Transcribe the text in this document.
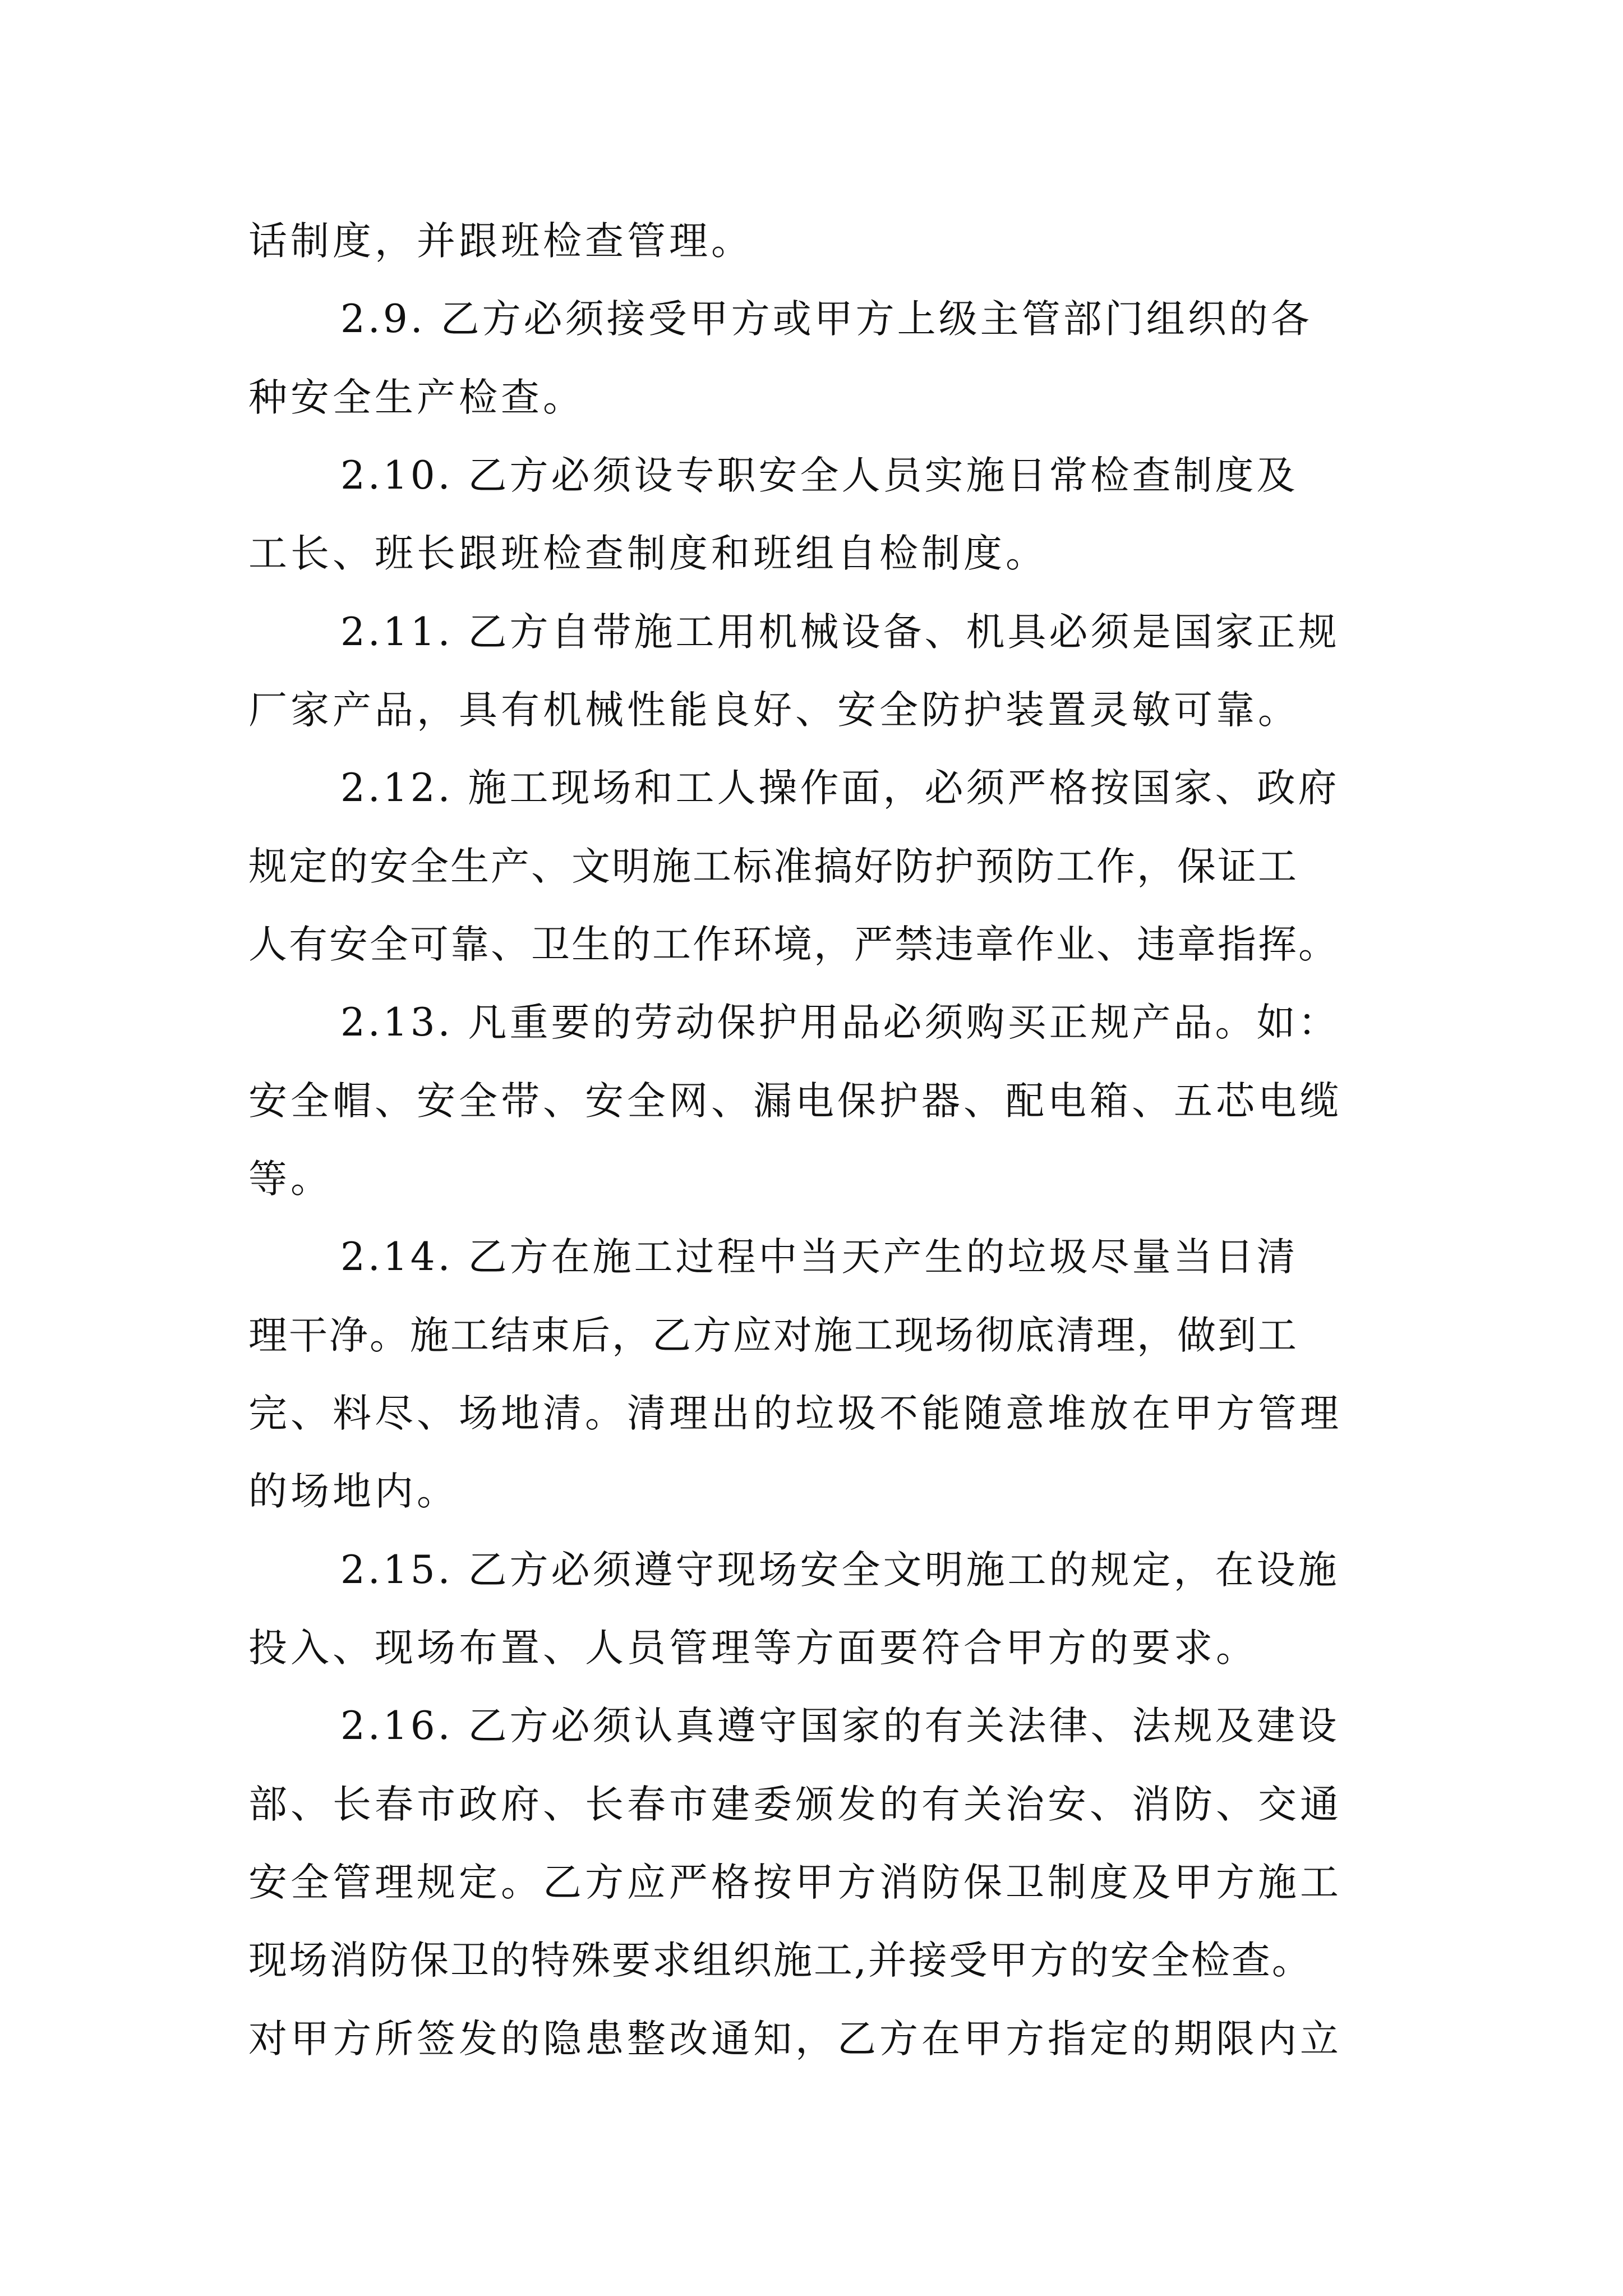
话制度，并跟班检查管理。
2.9. 乙方必须接受甲方或甲方上级主管部门组织的各
种安全生产检查。
2.10. 乙方必须设专职安全人员实施日常检查制度及
工长、班长跟班检查制度和班组自检制度。
2.11. 乙方自带施工用机械设备、机具必须是国家正规
厂家产品，具有机械性能良好、安全防护装置灵敏可靠。
2.12. 施工现场和工人操作面，必须严格按国家、政府
规定的安全生产、文明施工标准搞好防护预防工作，保证工
人有安全可靠、卫生的工作环境，严禁违章作业、违章指挥。
2.13. 凡重要的劳动保护用品必须购买正规产品。如：
安全帽、安全带、安全网、漏电保护器、配电箱、五芯电缆
等。
2.14. 乙方在施工过程中当天产生的垃圾尽量当日清
理干净。施工结束后，乙方应对施工现场彻底清理，做到工
完、料尽、场地清。清理出的垃圾不能随意堆放在甲方管理
的场地内。
2.15. 乙方必须遵守现场安全文明施工的规定，在设施
投入、现场布置、人员管理等方面要符合甲方的要求。
2.16. 乙方必须认真遵守国家的有关法律、法规及建设
部、长春市政府、长春市建委颁发的有关治安、消防、交通
安全管理规定。乙方应严格按甲方消防保卫制度及甲方施工
现场消防保卫的特殊要求组织施工,并接受甲方的安全检查。
对甲方所签发的隐患整改通知，乙方在甲方指定的期限内立
